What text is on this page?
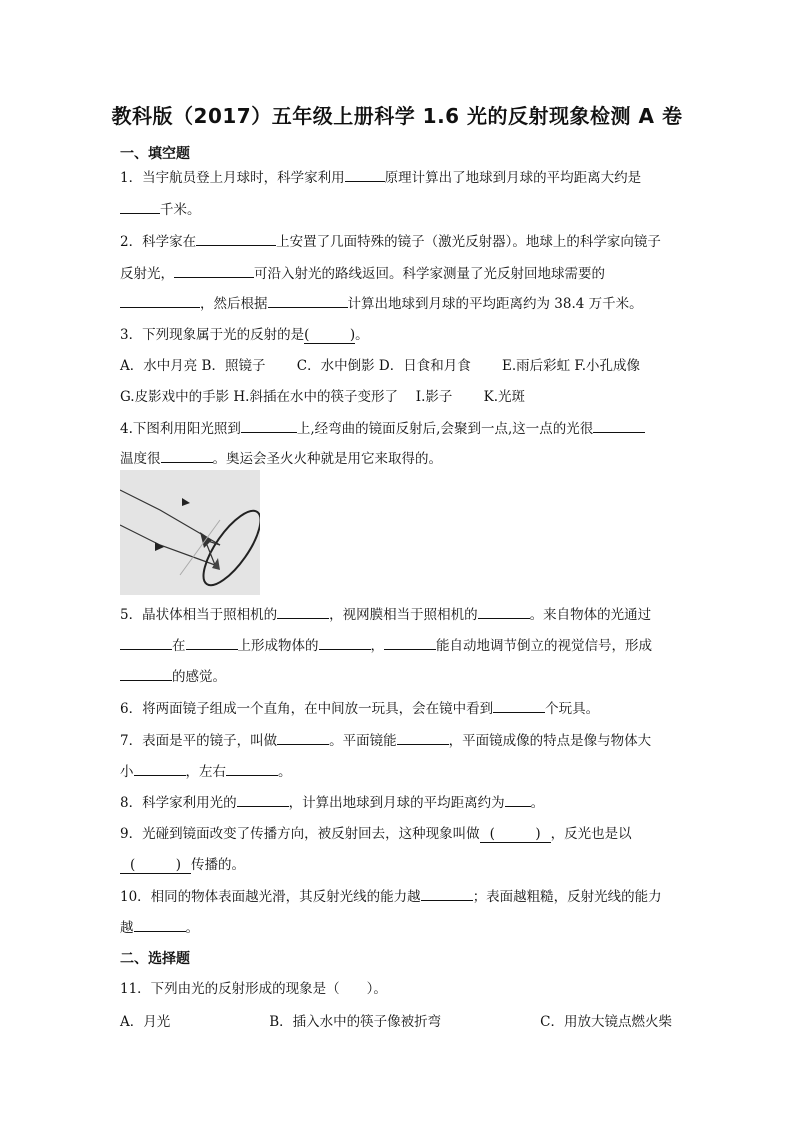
教科版（2017）五年级上册科学 1.6 光的反射现象检测 A 卷
一、填空题
1．当宇航员登上月球时，科学家利用	原理计算出了地球到月球的平均距离大约是
千米。
2．科学家在	上安置了几面特殊的镜子（激光反射器）。地球上的科学家向镜子
反射光，	可沿入射光的路线返回。科学家测量了光反射回地球需要的
，然后根据	计算出地球到月球的平均距离约为 38.4 万千米。
3．下列现象属于光的反射的是(　　　)。
A．水中月亮 B．照镜子　　 C．水中倒影 D．日食和月食　　 E.雨后彩虹 F.小孔成像
G.皮影戏中的手影 H.斜插在水中的筷子变形了　 I.影子　　 K.光斑
4.下图利用阳光照到	上,经弯曲的镜面反射后,会聚到一点,这一点的光很
温度很	。奥运会圣火火种就是用它来取得的。
5．晶状体相当于照相机的	，视网膜相当于照相机的	。来自物体的光通过
在	上形成物体的	，	能自动地调节倒立的视觉信号，形成
的感觉。
6．将两面镜子组成一个直角，在中间放一玩具，会在镜中看到	个玩具。
7．表面是平的镜子，叫做	。平面镜能	，平面镜成像的特点是像与物体大
小	，左右	。
8．科学家利用光的	，计算出地球到月球的平均距离约为 。
9．光碰到镜面改变了传播方向，被反射回去，这种现象叫做 (　　　) ，反光也是以
(　　　) 传播的。
10．相同的物体表面越光滑，其反射光线的能力越	；表面越粗糙，反射光线的能力
越	。
二、选择题
11．下列由光的反射形成的现象是（　　）。
A．月光	B．插入水中的筷子像被折弯	C．用放大镜点燃火柴
